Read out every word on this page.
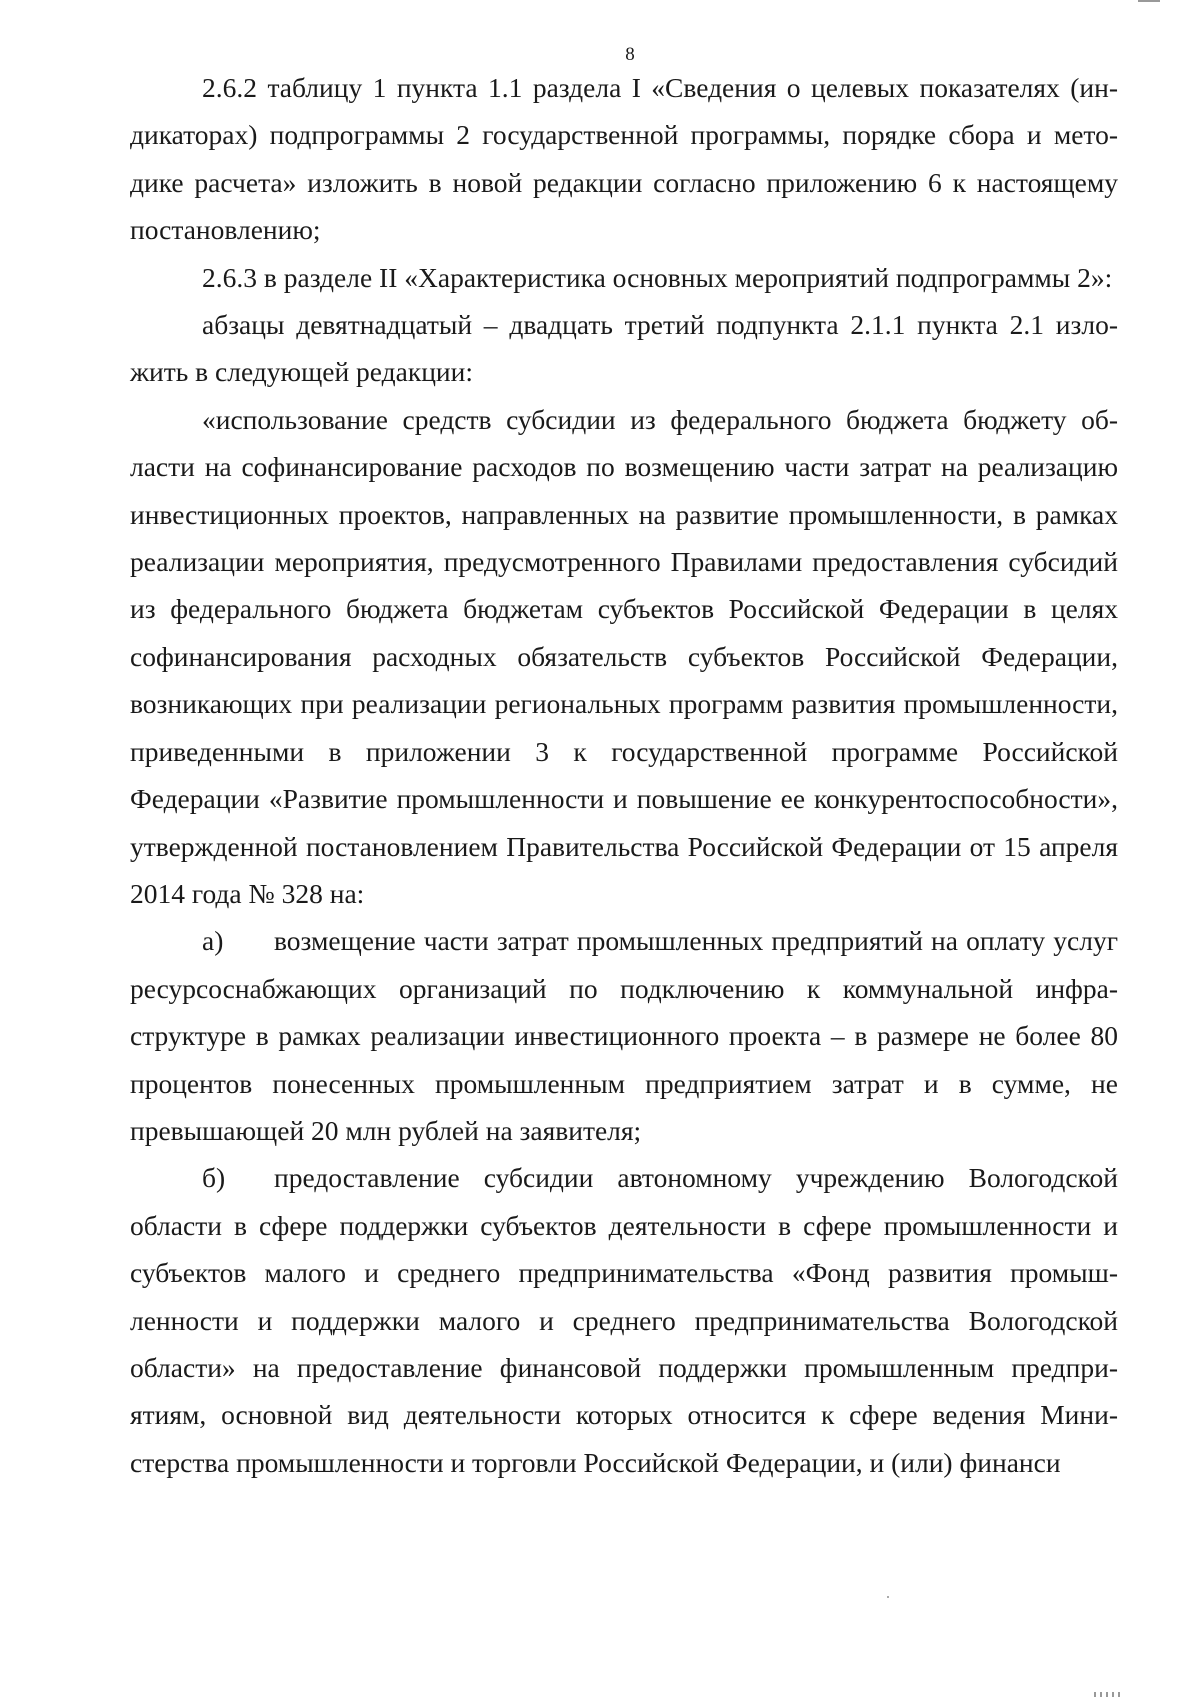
8

2.6.2 таблицу 1 пункта 1.1 раздела I «Сведения о целевых показателях (индикаторах) подпрограммы 2 государственной программы, порядке сбора и методике расчета» изложить в новой редакции согласно приложению 6 к настоящему постановлению;

2.6.3 в разделе II «Характеристика основных мероприятий подпрограммы 2»:

абзацы девятнадцатый – двадцать третий подпункта 2.1.1 пункта 2.1 изложить в следующей редакции:

«использование средств субсидии из федерального бюджета бюджету области на софинансирование расходов по возмещению части затрат на реализацию инвестиционных проектов, направленных на развитие промышленности, в рамках реализации мероприятия, предусмотренного Правилами предоставления субсидий из федерального бюджета бюджетам субъектов Российской Федерации в целях софинансирования расходных обязательств субъектов Российской Федерации, возникающих при реализации региональных программ развития промышленности, приведенными в приложении 3 к государственной программе Российской Федерации «Развитие промышленности и повышение ее конкурентоспособности», утвержденной постановлением Правительства Российской Федерации от 15 апреля 2014 года № 328 на:

а) возмещение части затрат промышленных предприятий на оплату услуг ресурсоснабжающих организаций по подключению к коммунальной инфраструктуре в рамках реализации инвестиционного проекта – в размере не более 80 процентов понесенных промышленным предприятием затрат и в сумме, не превышающей 20 млн рублей на заявителя;

б) предоставление субсидии автономному учреждению Вологодской области в сфере поддержки субъектов деятельности в сфере промышленности и субъектов малого и среднего предпринимательства «Фонд развития промышленности и поддержки малого и среднего предпринимательства Вологодской области» на предоставление финансовой поддержки промышленным предприятиям, основной вид деятельности которых относится к сфере ведения Министерства промышленности и торговли Российской Федерации, и (или) финанси
